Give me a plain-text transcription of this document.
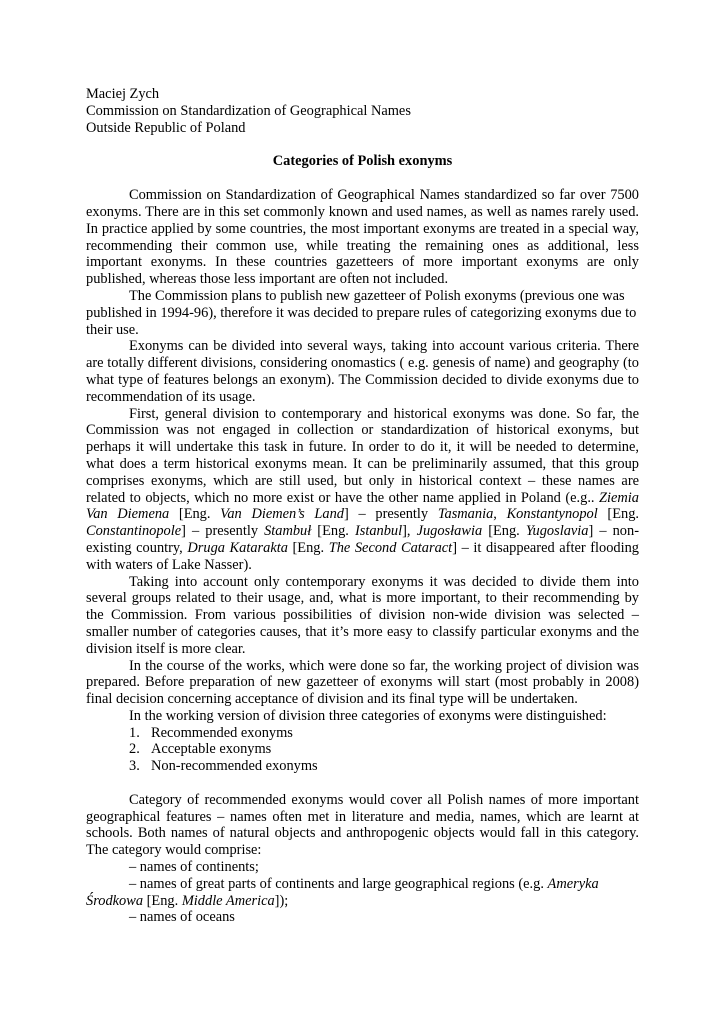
Maciej Zych

Commission on Standardization of Geographical Names

Outside Republic of Poland

Categories of Polish exonyms

Commission on Standardization of Geographical Names standardized so far over 7500 exonyms. There are in this set commonly known and used names, as well as names rarely used. In practice applied by some countries, the most important exonyms are treated in a special way, recommending their common use, while treating the remaining ones as additional, less important exonyms. In these countries gazetteers of more important exonyms are only published, whereas those less important are often not included.

The Commission plans to publish new gazetteer of Polish exonyms (previous one was published in 1994-96), therefore it was decided to prepare rules of categorizing exonyms due to their use.

Exonyms can be divided into several ways, taking into account various criteria. There are totally different divisions, considering onomastics ( e.g. genesis of name) and geography (to what type of features belongs an exonym). The Commission decided to divide exonyms due to recommendation of its usage.

First, general division to contemporary and historical exonyms was done. So far, the Commission was not engaged in collection or standardization of historical exonyms, but perhaps it will undertake this task in future. In order to do it, it will be needed to determine, what does a term historical exonyms mean. It can be preliminarily assumed, that this group comprises exonyms, which are still used, but only in historical context – these names are related to objects, which no more exist or have the other name applied in Poland (e.g.. Ziemia Van Diemena [Eng. Van Diemen’s Land] – presently Tasmania, Konstantynopol [Eng. Constantinopole] – presently Stambuł [Eng. Istanbul], Jugosławia [Eng. Yugoslavia] – non-existing country, Druga Katarakta [Eng. The Second Cataract] – it disappeared after flooding with waters of Lake Nasser).

Taking into account only contemporary exonyms it was decided to divide them into several groups related to their usage, and, what is more important, to their recommending by the Commission. From various possibilities of division non-wide division was selected – smaller number of categories causes, that it’s more easy to classify particular exonyms and the division itself is more clear.

In the course of the works, which were done so far, the working project of division was prepared. Before preparation of new gazetteer of exonyms will start (most probably in 2008) final decision concerning acceptance of division and its final type will be undertaken.

In the working version of division three categories of exonyms were distinguished:

1. Recommended exonyms
2. Acceptable exonyms
3. Non-recommended exonyms

Category of recommended exonyms would cover all Polish names of more important geographical features – names often met in literature and media, names, which are learnt at schools. Both names of natural objects and anthropogenic objects would fall in this category. The category would comprise:

– names of continents;

– names of great parts of continents and large geographical regions (e.g. Ameryka Środkowa [Eng. Middle America]);

– names of oceans
